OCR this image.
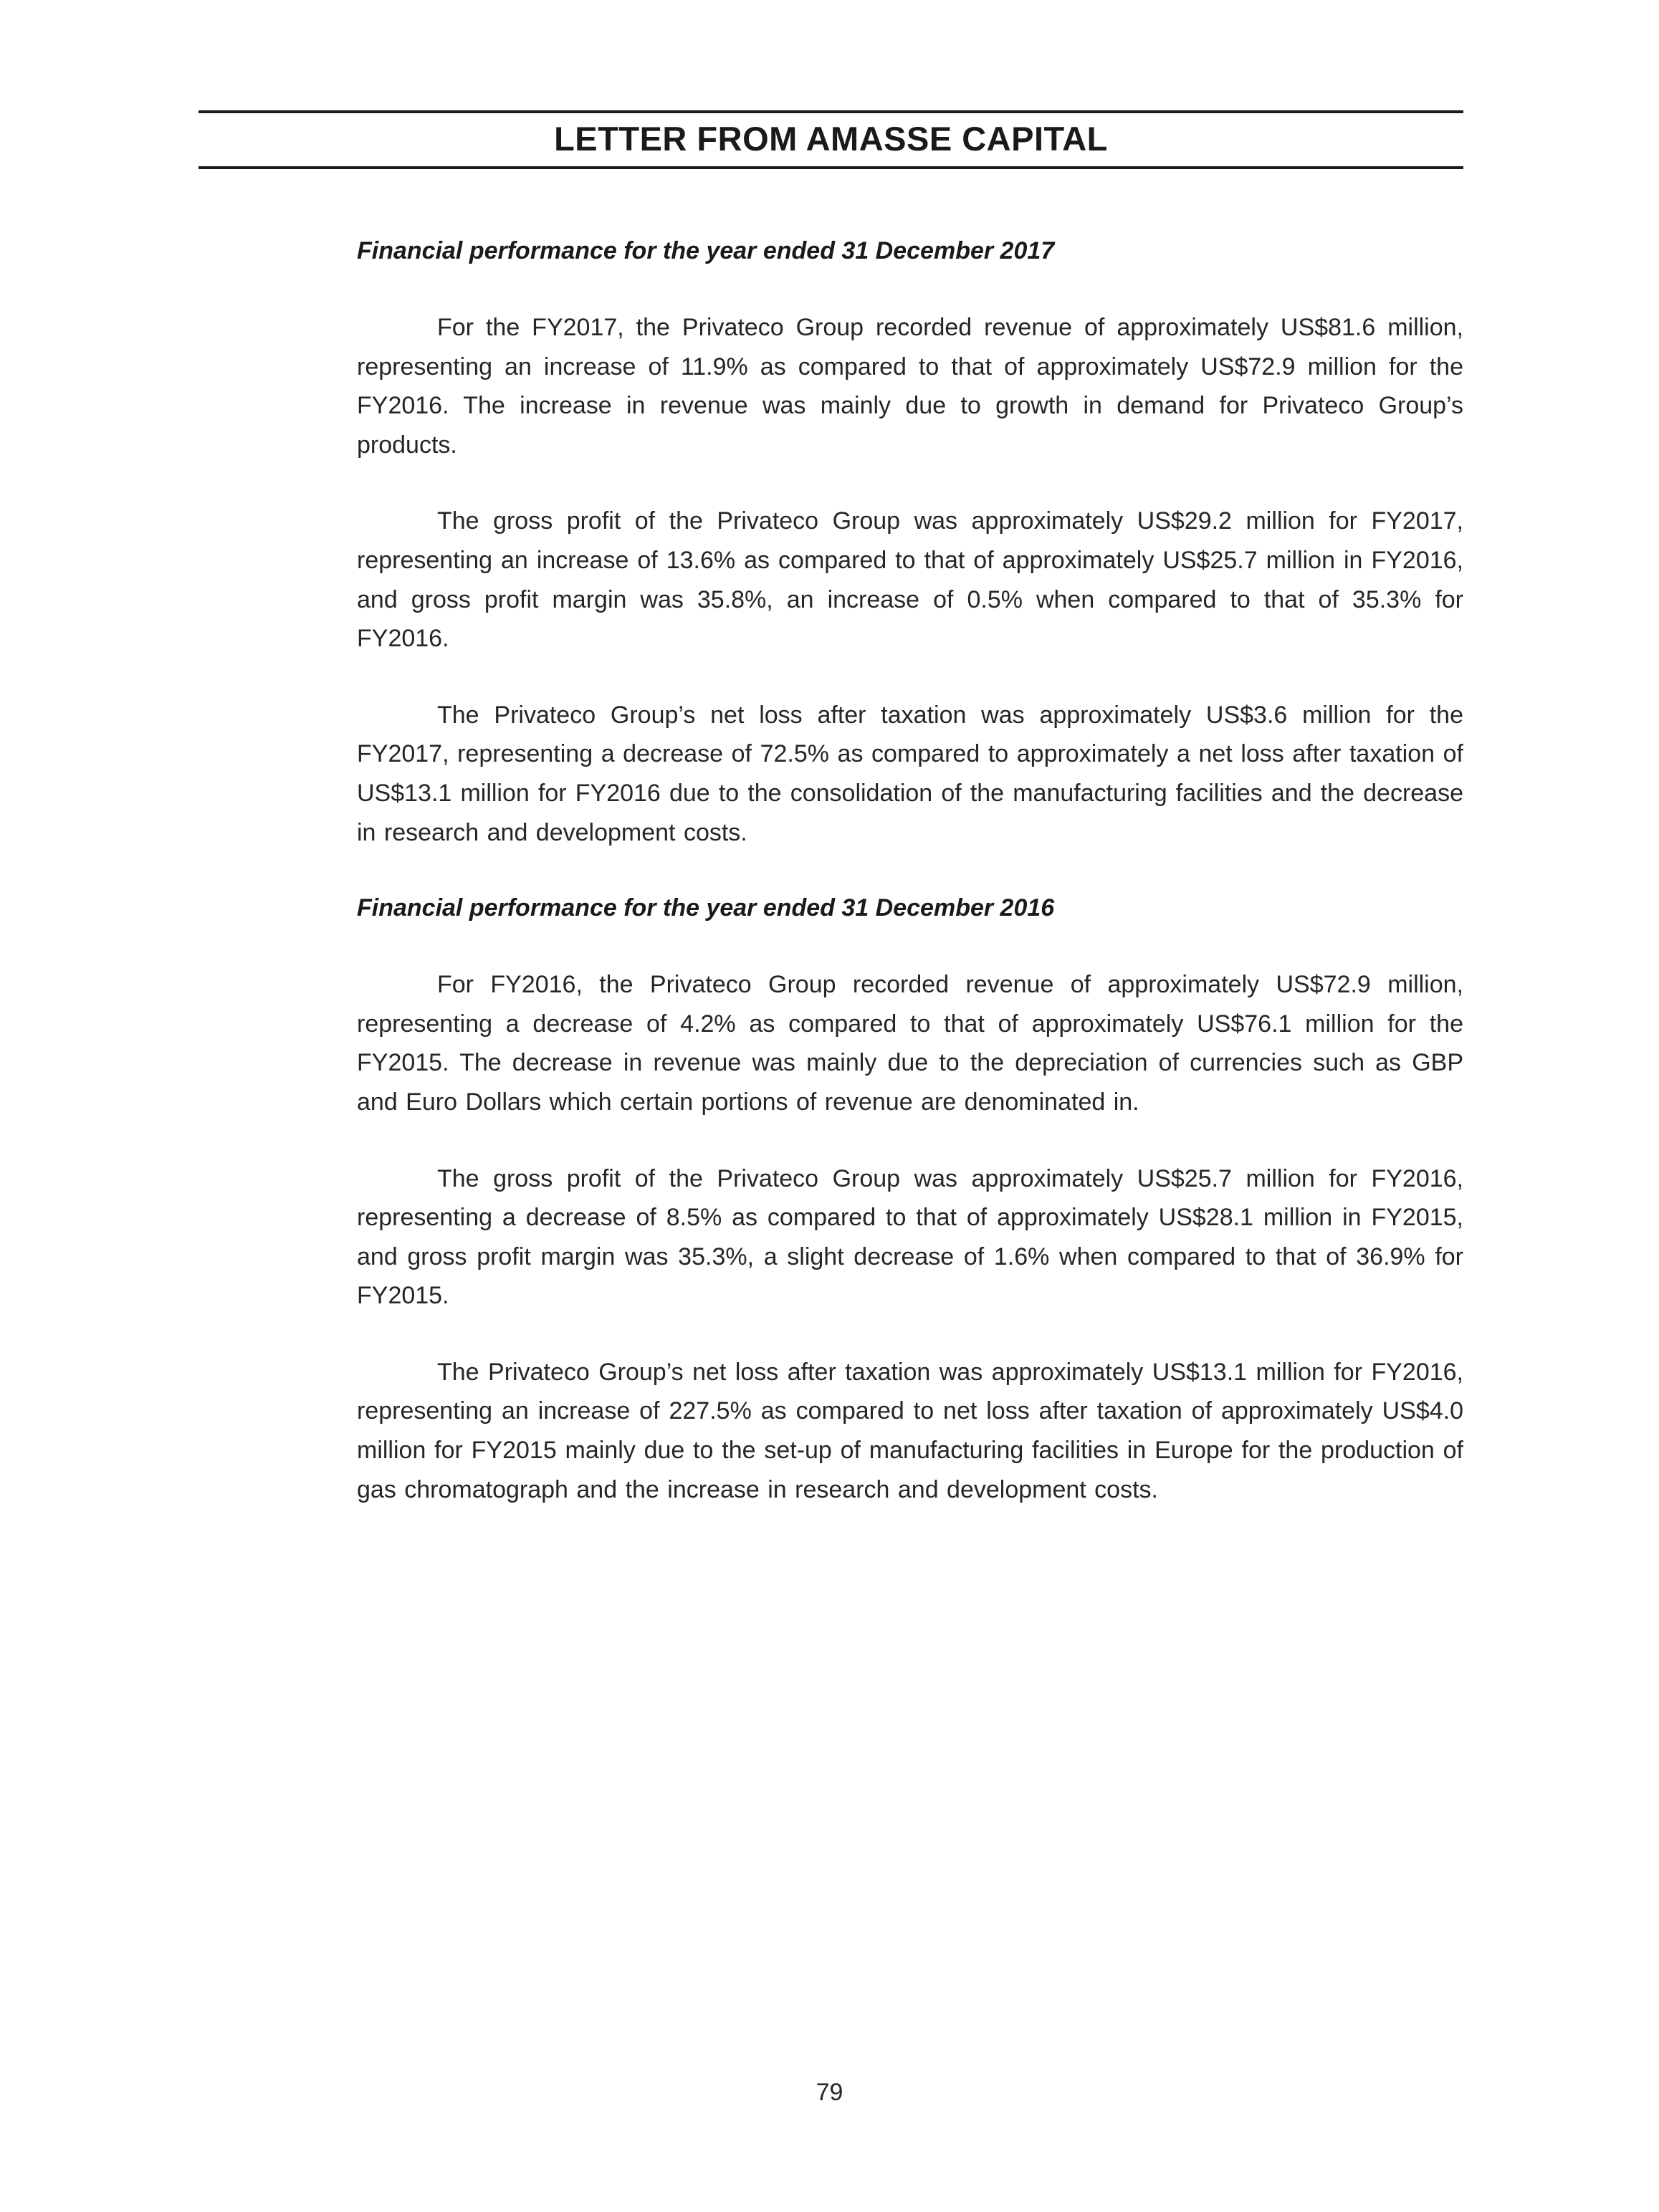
LETTER FROM AMASSE CAPITAL
Financial performance for the year ended 31 December 2017

For the FY2017, the Privateco Group recorded revenue of approximately US$81.6 million, representing an increase of 11.9% as compared to that of approximately US$72.9 million for the FY2016. The increase in revenue was mainly due to growth in demand for Privateco Group’s products.

The gross profit of the Privateco Group was approximately US$29.2 million for FY2017, representing an increase of 13.6% as compared to that of approximately US$25.7 million in FY2016, and gross profit margin was 35.8%, an increase of 0.5% when compared to that of 35.3% for FY2016.

The Privateco Group’s net loss after taxation was approximately US$3.6 million for the FY2017, representing a decrease of 72.5% as compared to approximately a net loss after taxation of US$13.1 million for FY2016 due to the consolidation of the manufacturing facilities and the decrease in research and development costs.

Financial performance for the year ended 31 December 2016

For FY2016, the Privateco Group recorded revenue of approximately US$72.9 million, representing a decrease of 4.2% as compared to that of approximately US$76.1 million for the FY2015. The decrease in revenue was mainly due to the depreciation of currencies such as GBP and Euro Dollars which certain portions of revenue are denominated in.

The gross profit of the Privateco Group was approximately US$25.7 million for FY2016, representing a decrease of 8.5% as compared to that of approximately US$28.1 million in FY2015, and gross profit margin was 35.3%, a slight decrease of 1.6% when compared to that of 36.9% for FY2015.

The Privateco Group’s net loss after taxation was approximately US$13.1 million for FY2016, representing an increase of 227.5% as compared to net loss after taxation of approximately US$4.0 million for FY2015 mainly due to the set-up of manufacturing facilities in Europe for the production of gas chromatograph and the increase in research and development costs.

79
